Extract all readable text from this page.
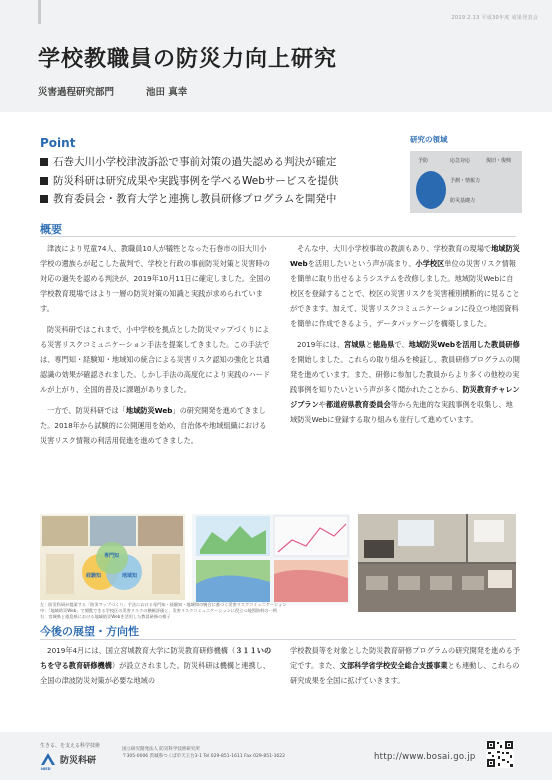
2019.2.13 平成30年度 成果発表会
学校教職員の防災力向上研究
災害過程研究部門	池田 真幸
Point
石巻大川小学校津波訴訟で事前対策の過失認める判決が確定
防災科研は研究成果や実践事例を学べるWebサービスを提供
教育委員会・教育大学と連携し教員研修プログラムを開発中
研究の領域
予防	応急対応	復旧・復興
予測・情報力
防災基礎力
概要

津波により児童74人、教職員10人が犠牲となった石巻市の旧大川小学校の遺族らが起こした裁判で、学校と行政の事前防災対策と災害時の対応の過失を認める判決が、2019年10月11日に確定しました。全国の学校教育現場ではより一層の防災対策の知識と実践が求められています。

防災科研ではこれまで、小中学校を拠点とした防災マップづくりによる災害リスクコミュニケーション手法を提案してきました。この手法では、専門知・経験知・地域知の統合による災害リスク認知の強化と共通認識の効果が確認されました。しかし手法の高度化により実践のハードルが上がり、全国的普及に課題がありました。

一方で、防災科研では「地域防災Web」の研究開発を進めてきました。2018年から試験的に公開運用を始め、自治体や地域組織における災害リスク情報の利活用促進を進めてきました。

そんな中、大川小学校事故の教訓もあり、学校教育の現場で地域防災Webを活用したいという声が高まり、小学校区単位の災害リスク情報を簡単に取り出せるようシステムを改修しました。地域防災Webに自校区を登録することで、校区の災害リスクを災害種別横断的に見ることができます。加えて、災害リスクコミュニケーションに役立つ地図資料を簡単に作成できるよう、データパッケージを構築しました。

2019年には、宮城県と徳島県で、地域防災Webを活用した教員研修を開始しました。これらの取り組みを検証し、教員研修プログラムの開発を進めています。また、研修に参加した教員からより多くの他校の実践事例を知りたいという声が多く聞かれたことから、防災教育チャレンジプランや都道府県教育委員会等から先進的な実践事例を収集し、地域防災Webに登録する取り組みも並行して進めています。

専門知
経験知	地域知
左：防災科研が提案する「防災マップづくり」手法における専門知・経験知・地域知の統合に基づく災害リスクコミュニケーション
中：「地域防災Web」で閲覧できる学校区の災害リスクの横断評価と、災害リスクコミュニケーションに役立つ地図資料の一例
右：宮城県と徳島県における地域防災Webを活用した教員研修の様子
今後の展望・方向性

2019年4月には、国立宮城教育大学に防災教育研修機構（３１１いのちを守る教育研修機構）が設立されました。防災科研は機構と連携し、全国の津波防災対策が必要な地域の

学校教員等を対象とした防災教育研修プログラムの研究開発を進める予定です。また、文部科学省学校安全総合支援事業とも連動し、これらの研究成果を全国に拡げていきます。

生きる、を支える科学技術
NIED
防災科研
国立研究開発法人 防災科学技術研究所
〒305-0006 茨城県つくば市天王台3-1 Tel 029-851-1611 Fax 029-851-1622	http://www.bosai.go.jp
